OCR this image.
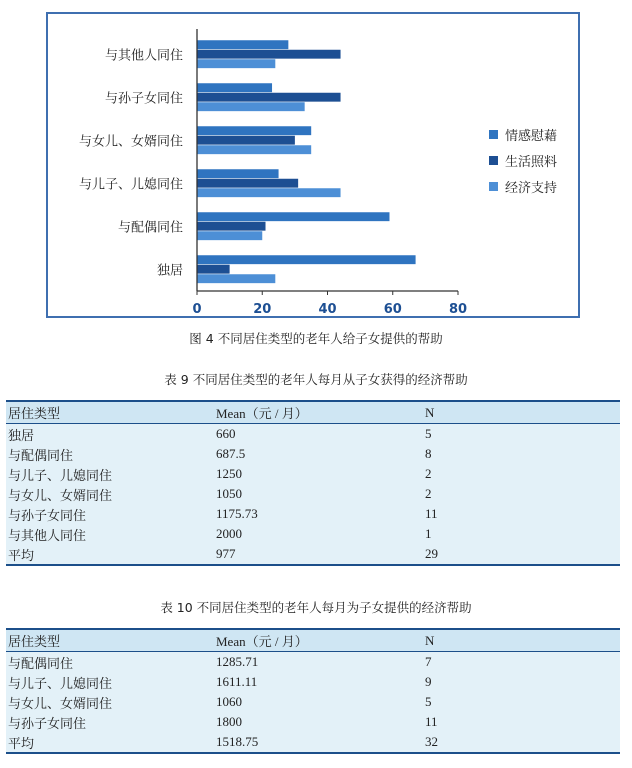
与其他人同住
与孙子女同住
与女儿、女婿同住
与儿子、儿媳同住
与配偶同住
独居
0	20	40	60	80
情感慰藉
生活照料
经济支持
图 4 不同居住类型的老年人给子女提供的帮助
表 9 不同居住类型的老年人每月从子女获得的经济帮助
居住类型	Mean（元 / 月）	N
独居	660	5
与配偶同住	687.5	8
与儿子、儿媳同住	1250	2
与女儿、女婿同住	1050	2
与孙子女同住	1175.73	11
与其他人同住	2000	1
平均	977	29
表 10 不同居住类型的老年人每月为子女提供的经济帮助
居住类型	Mean（元 / 月）	N
与配偶同住	1285.71	7
与儿子、儿媳同住	1611.11	9
与女儿、女婿同住	1060	5
与孙子女同住	1800	11
平均	1518.75	32
